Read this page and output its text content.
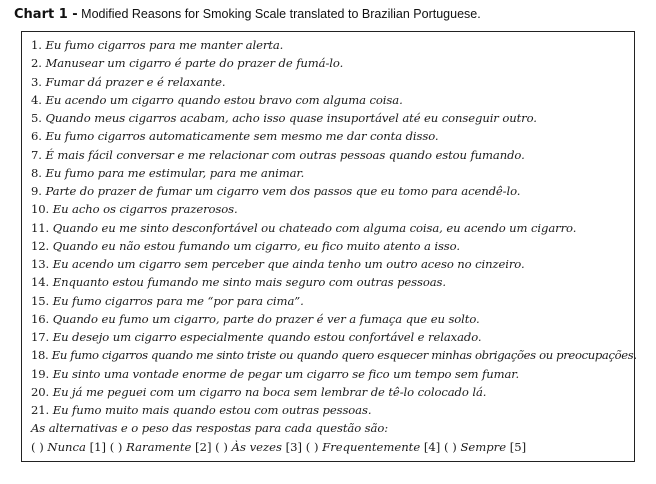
Chart 1 - Modified Reasons for Smoking Scale translated to Brazilian Portuguese.
1. Eu fumo cigarros para me manter alerta.
2. Manusear um cigarro é parte do prazer de fumá-lo.
3. Fumar dá prazer e é relaxante.
4. Eu acendo um cigarro quando estou bravo com alguma coisa.
5. Quando meus cigarros acabam, acho isso quase insuportável até eu conseguir outro.
6. Eu fumo cigarros automaticamente sem mesmo me dar conta disso.
7. É mais fácil conversar e me relacionar com outras pessoas quando estou fumando.
8. Eu fumo para me estimular, para me animar.
9. Parte do prazer de fumar um cigarro vem dos passos que eu tomo para acendê-lo.
10. Eu acho os cigarros prazerosos.
11. Quando eu me sinto desconfortável ou chateado com alguma coisa, eu acendo um cigarro.
12. Quando eu não estou fumando um cigarro, eu fico muito atento a isso.
13. Eu acendo um cigarro sem perceber que ainda tenho um outro aceso no cinzeiro.
14. Enquanto estou fumando me sinto mais seguro com outras pessoas.
15. Eu fumo cigarros para me “por para cima”.
16. Quando eu fumo um cigarro, parte do prazer é ver a fumaça que eu solto.
17. Eu desejo um cigarro especialmente quando estou confortável e relaxado.
18. Eu fumo cigarros quando me sinto triste ou quando quero esquecer minhas obrigações ou preocupações.
19. Eu sinto uma vontade enorme de pegar um cigarro se fico um tempo sem fumar.
20. Eu já me peguei com um cigarro na boca sem lembrar de tê-lo colocado lá.
21. Eu fumo muito mais quando estou com outras pessoas.
As alternativas e o peso das respostas para cada questão são:
( ) Nunca [1] ( ) Raramente [2] ( ) Às vezes [3] ( ) Frequentemente [4] ( ) Sempre [5]
